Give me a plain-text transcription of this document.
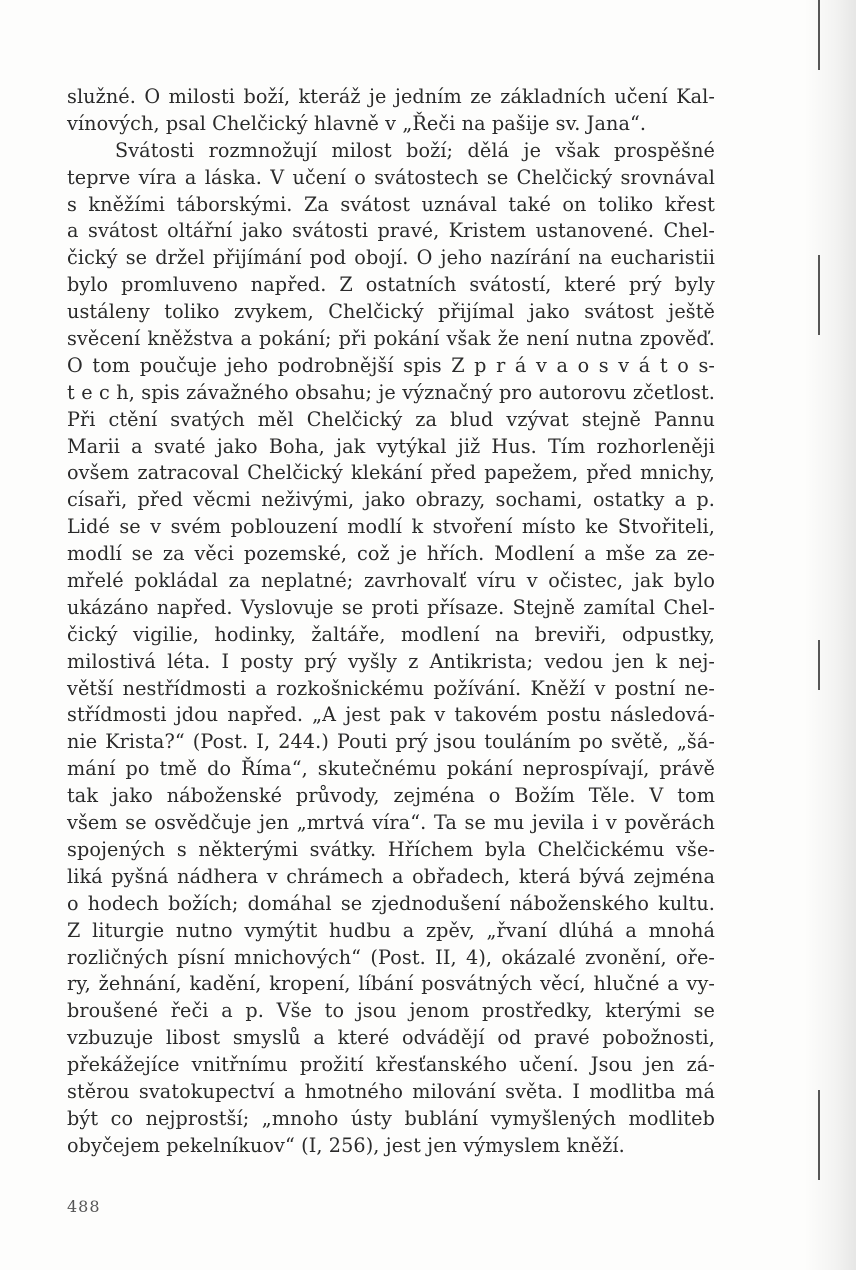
služné. O milosti boží, kteráž je jedním ze základních učení Kal-
vínových, psal Chelčický hlavně v „Řeči na pašije sv. Jana“.
Svátosti rozmnožují milost boží; dělá je však prospěšné
teprve víra a láska. V učení o svátostech se Chelčický srovnával
s kněžími táborskými. Za svátost uznával také on toliko křest
a svátost oltářní jako svátosti pravé, Kristem ustanovené. Chel-
čický se držel přijímání pod obojí. O jeho nazírání na eucharistii
bylo promluveno napřed. Z ostatních svátostí, které prý byly
ustáleny toliko zvykem, Chelčický přijímal jako svátost ještě
svěcení kněžstva a pokání; při pokání však že není nutna zpověď.
O tom poučuje jeho podrobnější spis Z p r á v a o s v á t o s-
t e c h, spis závažného obsahu; je význačný pro autorovu zčetlost.
Při ctění svatých měl Chelčický za blud vzývat stejně Pannu
Marii a svaté jako Boha, jak vytýkal již Hus. Tím rozhorleněji
ovšem zatracoval Chelčický klekání před papežem, před mnichy,
císaři, před věcmi neživými, jako obrazy, sochami, ostatky a p.
Lidé se v svém poblouzení modlí k stvoření místo ke Stvořiteli,
modlí se za věci pozemské, což je hřích. Modlení a mše za ze-
mřelé pokládal za neplatné; zavrhovalť víru v očistec, jak bylo
ukázáno napřed. Vyslovuje se proti přísaze. Stejně zamítal Chel-
čický vigilie, hodinky, žaltáře, modlení na breviři, odpustky,
milostivá léta. I posty prý vyšly z Antikrista; vedou jen k nej-
větší nestřídmosti a rozkošnickému požívání. Kněží v postní ne-
střídmosti jdou napřed. „A jest pak v takovém postu následová-
nie Krista?“ (Post. I, 244.) Pouti prý jsou touláním po světě, „šá-
mání po tmě do Říma“, skutečnému pokání neprospívají, právě
tak jako náboženské průvody, zejména o Božím Těle. V tom
všem se osvědčuje jen „mrtvá víra“. Ta se mu jevila i v pověrách
spojených s některými svátky. Hříchem byla Chelčickému vše-
liká pyšná nádhera v chrámech a obřadech, která bývá zejména
o hodech božích; domáhal se zjednodušení náboženského kultu.
Z liturgie nutno vymýtit hudbu a zpěv, „řvaní dlúhá a mnohá
rozličných písní mnichových“ (Post. II, 4), okázalé zvonění, oře-
ry, žehnání, kadění, kropení, líbání posvátných věcí, hlučné a vy-
broušené řeči a p. Vše to jsou jenom prostředky, kterými se
vzbuzuje libost smyslů a které odvádějí od pravé pobožnosti,
překážejíce vnitřnímu prožití křesťanského učení. Jsou jen zá-
stěrou svatokupectví a hmotného milování světa. I modlitba má
být co nejprostší; „mnoho ústy bublání vymyšlených modliteb
obyčejem pekelníkuov“ (I, 256), jest jen výmyslem kněží.
488
